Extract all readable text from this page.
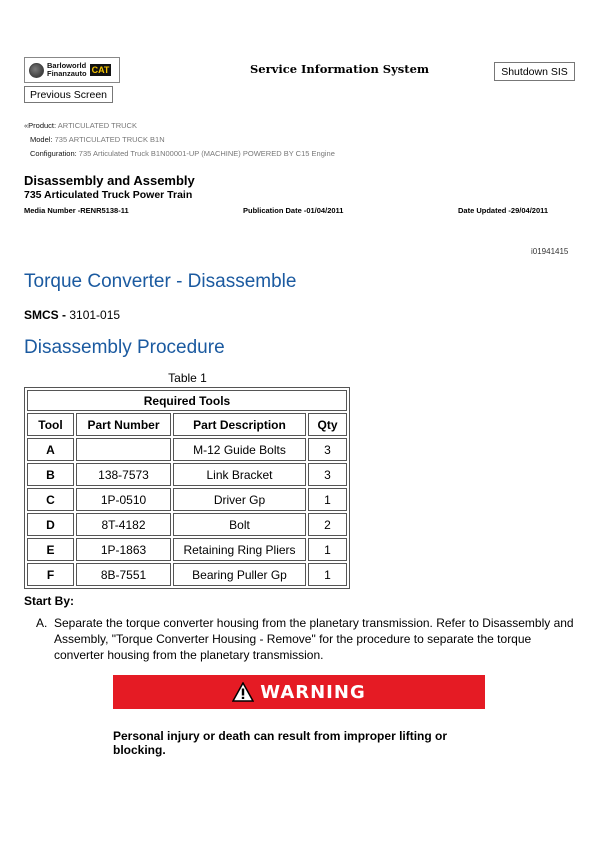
Barloworld
Finanzauto CAT	Service Information System	Shutdown SIS
Previous Screen
«Product: ARTICULATED TRUCK
Model: 735 ARTICULATED TRUCK B1N
Configuration: 735 Articulated Truck B1N00001-UP (MACHINE) POWERED BY C15 Engine
Disassembly and Assembly
735 Articulated Truck Power Train
Media Number -RENR5138-11	Publication Date -01/04/2011	Date Updated -29/04/2011
i01941415
Torque Converter - Disassemble
SMCS - 3101-015
Disassembly Procedure
Table 1
Required Tools			
Tool	Part Number	Part Description	Qty
A		M-12 Guide Bolts	3
B	138-7573	Link Bracket	3
C	1P-0510	Driver Gp	1
D	8T-4182	Bolt	2
E	1P-1863	Retaining Ring Pliers	1
F	8B-7551	Bearing Puller Gp	1
Start By:
A. Separate the torque converter housing from the planetary transmission. Refer to Disassembly and Assembly, "Torque Converter Housing - Remove" for the procedure to separate the torque converter housing from the planetary transmission.
WARNING
Personal injury or death can result from improper lifting or blocking.
